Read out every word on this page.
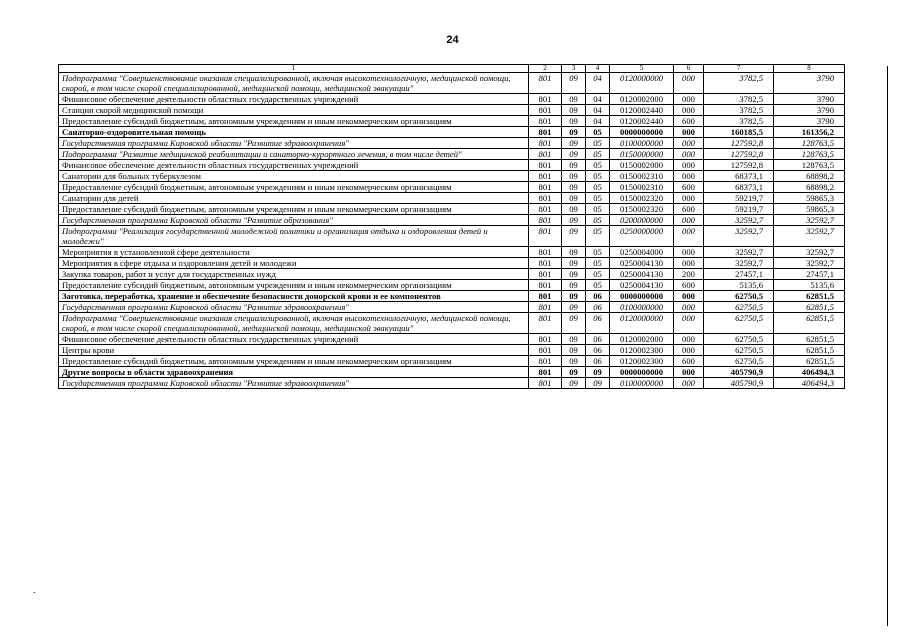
24
1	2	3	4	5	6	7	8
Подпрограмма "Совершенствование оказания специализированной, включая высокотехнологичную, медицинской помощи, скорой, в том числе скорой специализированной, медицинской помощи, медицинской эвакуации"	801	09	04	0120000000	000	3782,5	3790
Финансовое обеспечение деятельности областных государственных учреждений	801	09	04	0120002000	000	3782,5	3790
Станции скорой медицинской помощи	801	09	04	0120002440	000	3782,5	3790
Предоставление субсидий бюджетным, автономным учреждениям и иным некоммерческим организациям	801	09	04	0120002440	600	3782,5	3790
Санаторно-оздоровительная помощь	801	09	05	0000000000	000	160185,5	161356,2
Государственная программа Кировской области "Развитие здравоохранения"	801	09	05	0100000000	000	127592,8	128763,5
Подпрограмма "Развитие медицинской реабилитации и санаторно-курортного лечения, в том числе детей"	801	09	05	0150000000	000	127592,8	128763,5
Финансовое обеспечение деятельности областных государственных учреждений	801	09	05	0150002000	000	127592,8	128763,5
Санатории для больных туберкулезом	801	09	05	0150002310	000	68373,1	68898,2
Предоставление субсидий бюджетным, автономным учреждениям и иным некоммерческим организациям	801	09	05	0150002310	600	68373,1	68898,2
Санатории для детей	801	09	05	0150002320	000	59219,7	59865,3
Предоставление субсидий бюджетным, автономным учреждениям и иным некоммерческим организациям	801	09	05	0150002320	600	59219,7	59865,3
Государственная программа Кировской области "Развитие образования"	801	09	05	0200000000	000	32592,7	32592,7
Подпрограмма "Реализация государственной молодежной политики и организация отдыха и оздоровления детей и молодежи"	801	09	05	0250000000	000	32592,7	32592,7
Мероприятия в установленной сфере деятельности	801	09	05	0250004000	000	32592,7	32592,7
Мероприятия в сфере отдыха и оздоровления детей и молодежи	801	09	05	0250004130	000	32592,7	32592,7
Закупка товаров, работ и услуг для государственных нужд	801	09	05	0250004130	200	27457,1	27457,1
Предоставление субсидий бюджетным, автономным учреждениям и иным некоммерческим организациям	801	09	05	0250004130	600	5135,6	5135,6
Заготовка, переработка, хранение и обеспечение безопасности донорской крови и ее компонентов	801	09	06	0000000000	000	62750,5	62851,5
Государственная программа Кировской области "Развитие здравоохранения"	801	09	06	0100000000	000	62750,5	62851,5
Подпрограмма "Совершенствование оказания специализированной, включая высокотехнологичную, медицинской помощи, скорой, в том числе скорой специализированной, медицинской помощи, медицинской эвакуации"	801	09	06	0120000000	000	62750,5	62851,5
Финансовое обеспечение деятельности областных государственных учреждений	801	09	06	0120002000	000	62750,5	62851,5
Центры крови	801	09	06	0120002300	000	62750,5	62851,5
Предоставление субсидий бюджетным, автономным учреждениям и иным некоммерческим организациям	801	09	06	0120002300	600	62750,5	62851,5
Другие вопросы в области здравоохранения	801	09	09	0000000000	000	405790,9	406494,3
Государственная программа Кировской области "Развитие здравоохранения"	801	09	09	0100000000	000	405790,9	406494,3
.
